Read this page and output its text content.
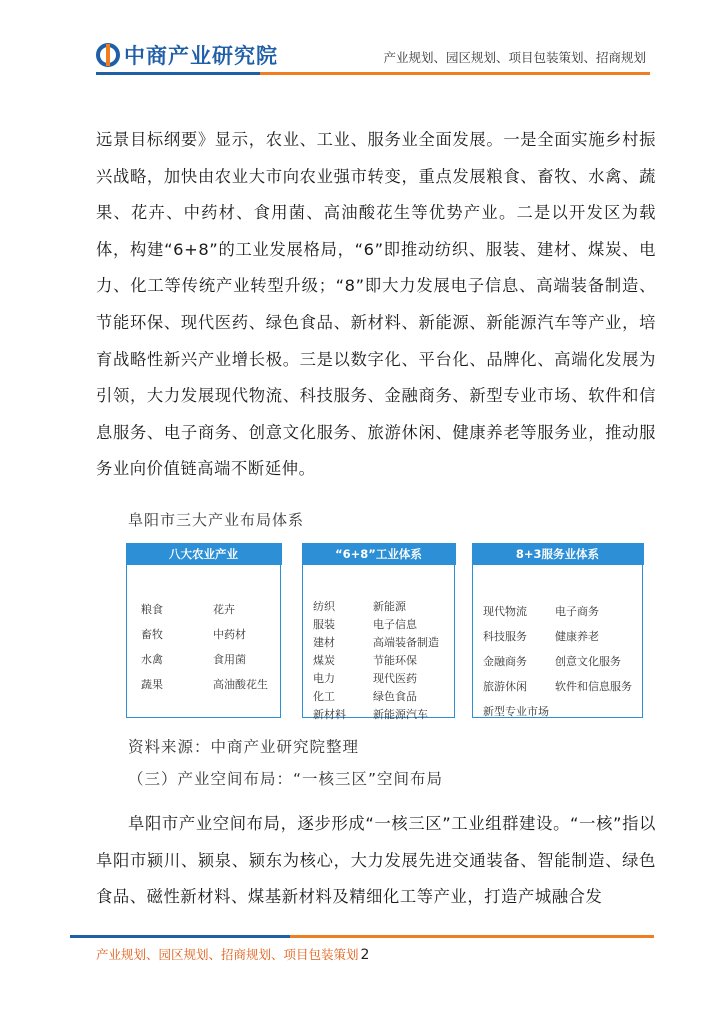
中商产业研究院	产业规划、园区规划、项目包装策划、招商规划
远景目标纲要》显示，农业、工业、服务业全面发展。一是全面实施乡村振兴战略，加快由农业大市向农业强市转变，重点发展粮食、畜牧、水禽、蔬果、花卉、中药材、食用菌、高油酸花生等优势产业。二是以开发区为载体，构建“6+8”的工业发展格局，“6”即推动纺织、服装、建材、煤炭、电力、化工等传统产业转型升级；“8”即大力发展电子信息、高端装备制造、节能环保、现代医药、绿色食品、新材料、新能源、新能源汽车等产业，培育战略性新兴产业增长极。三是以数字化、平台化、品牌化、高端化发展为引领，大力发展现代物流、科技服务、金融商务、新型专业市场、软件和信息服务、电子商务、创意文化服务、旅游休闲、健康养老等服务业，推动服务业向价值链高端不断延伸。
阜阳市三大产业布局体系
八大农业产业
粮食	花卉
畜牧	中药材
水禽	食用菌
蔬果	高油酸花生
“6+8”工业体系
纺织	新能源
服装	电子信息
建材	高端装备制造
煤炭	节能环保
电力	现代医药
化工	绿色食品
新材料	新能源汽车
8+3服务业体系
现代物流	电子商务
科技服务	健康养老
金融商务	创意文化服务
旅游休闲	软件和信息服务
新型专业市场
资料来源：中商产业研究院整理
（三）产业空间布局：“一核三区”空间布局
阜阳市产业空间布局，逐步形成“一核三区”工业组群建设。“一核”指以阜阳市颍川、颍泉、颍东为核心，大力发展先进交通装备、智能制造、绿色食品、磁性新材料、煤基新材料及精细化工等产业，打造产城融合发
产业规划、园区规划、招商规划、项目包装策划 2
